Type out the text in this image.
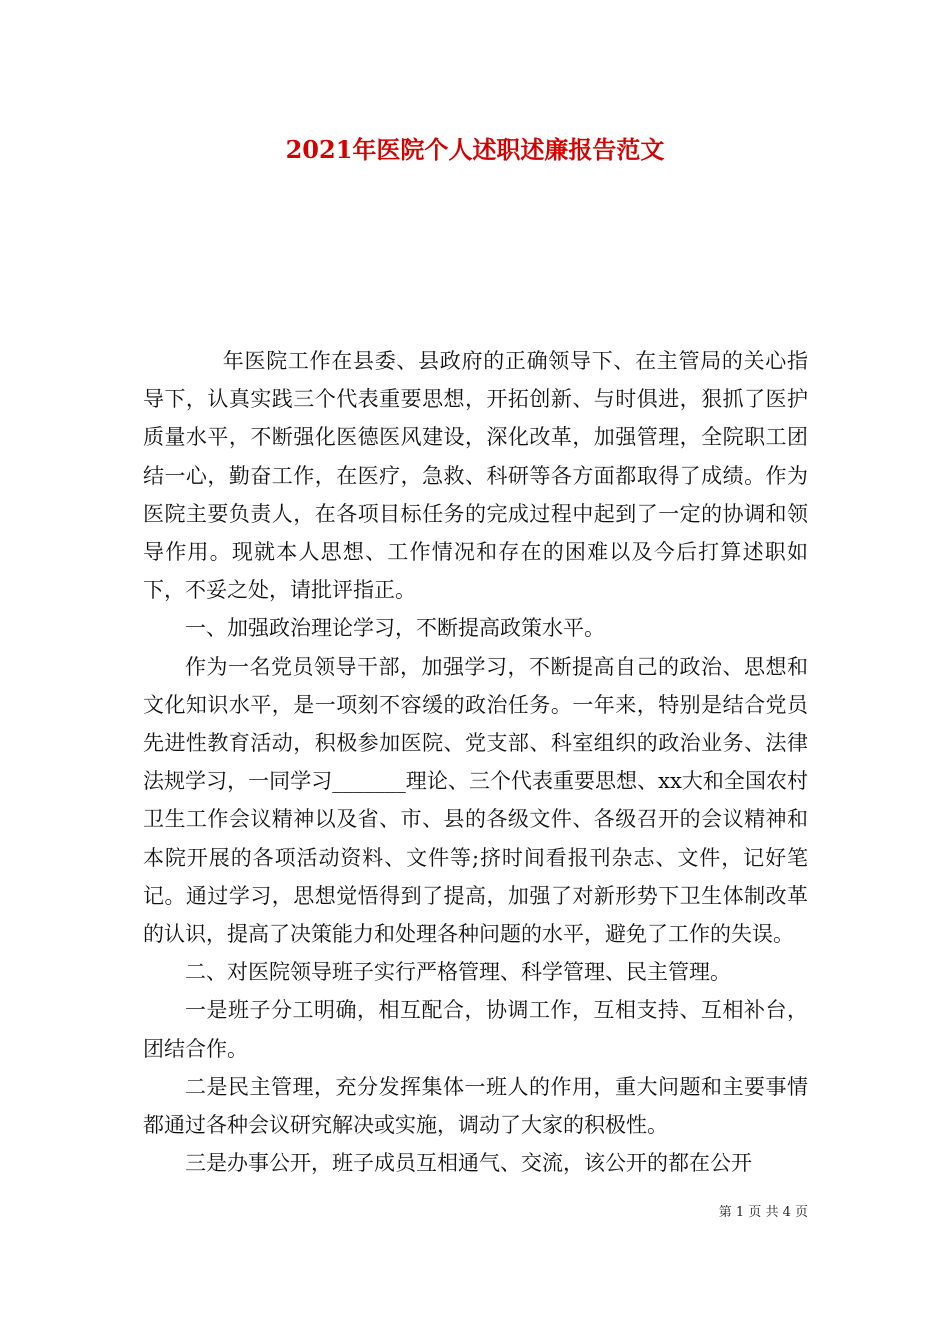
2021年医院个人述职述廉报告范文

年医院工作在县委、县政府的正确领导下、在主管局的关心指导下，认真实践三个代表重要思想，开拓创新、与时俱进，狠抓了医护质量水平，不断强化医德医风建设，深化改革，加强管理，全院职工团结一心，勤奋工作，在医疗，急救、科研等各方面都取得了成绩。作为医院主要负责人，在各项目标任务的完成过程中起到了一定的协调和领导作用。现就本人思想、工作情况和存在的困难以及今后打算述职如下，不妥之处，请批评指正。

一、加强政治理论学习，不断提高政策水平。

作为一名党员领导干部，加强学习，不断提高自己的政治、思想和文化知识水平，是一项刻不容缓的政治任务。一年来，特别是结合党员先进性教育活动，积极参加医院、党支部、科室组织的政治业务、法律法规学习，一同学习_______理论、三个代表重要思想、xx大和全国农村卫生工作会议精神以及省、市、县的各级文件、各级召开的会议精神和本院开展的各项活动资料、文件等;挤时间看报刊杂志、文件，记好笔记。通过学习，思想觉悟得到了提高，加强了对新形势下卫生体制改革的认识，提高了决策能力和处理各种问题的水平，避免了工作的失误。

二、对医院领导班子实行严格管理、科学管理、民主管理。

一是班子分工明确，相互配合，协调工作，互相支持、互相补台，团结合作。

二是民主管理，充分发挥集体一班人的作用，重大问题和主要事情都通过各种会议研究解决或实施，调动了大家的积极性。

三是办事公开，班子成员互相通气、交流，该公开的都在公开

第 1 页 共 4 页
